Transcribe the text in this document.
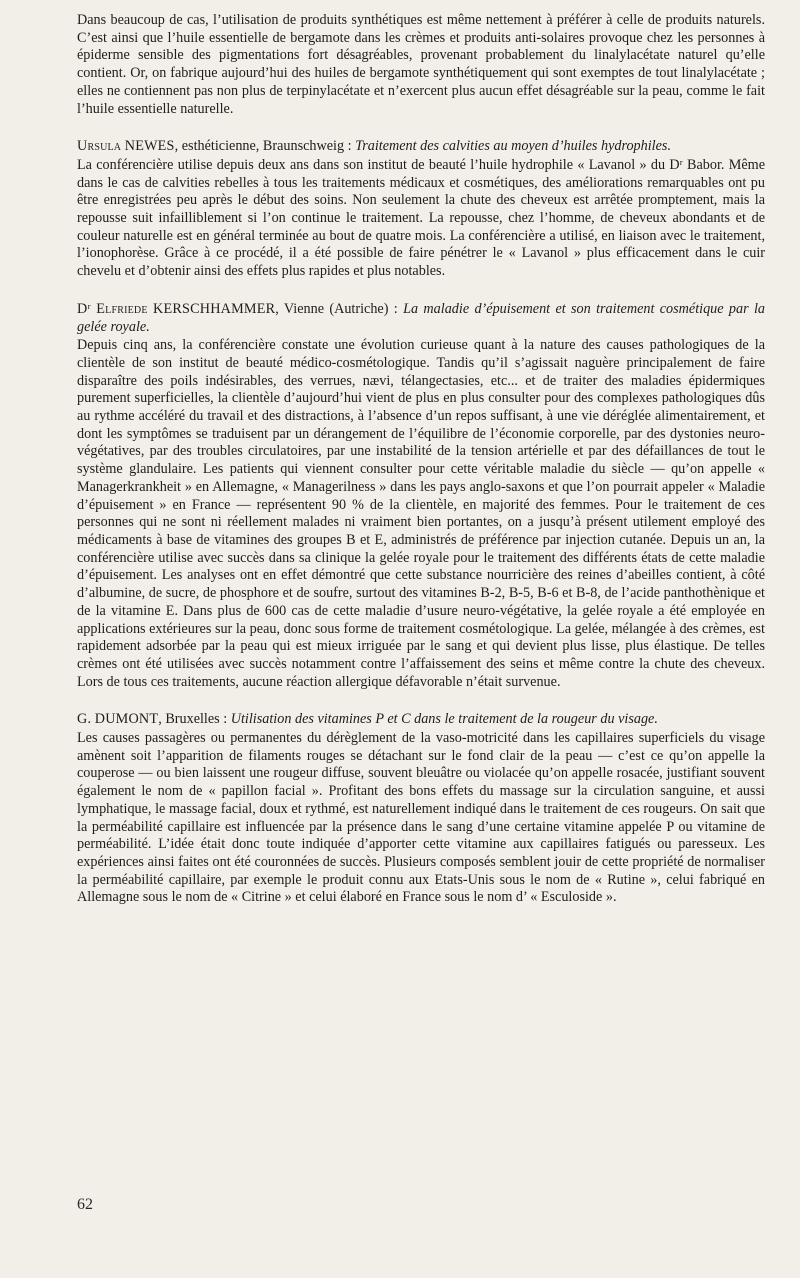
Dans beaucoup de cas, l’utilisation de produits synthétiques est même nettement à préférer à celle de produits naturels. C’est ainsi que l’huile essentielle de bergamote dans les crèmes et produits anti-solaires provoque chez les personnes à épiderme sensible des pigmentations fort désagréables, provenant probablement du linalylacétate naturel qu’elle contient. Or, on fabrique aujourd’hui des huiles de bergamote synthétiquement qui sont exemptes de tout linalylacétate ; elles ne contiennent pas non plus de terpinylacétate et n’exercent plus aucun effet désagréable sur la peau, comme le fait l’huile essentielle naturelle.

Ursula NEWES, esthéticienne, Braunschweig : Traitement des calvities au moyen d’huiles hydrophiles.

La conférencière utilise depuis deux ans dans son institut de beauté l’huile hydrophile « Lavanol » du Dʳ Babor. Même dans le cas de calvities rebelles à tous les traitements médicaux et cosmétiques, des améliorations remarquables ont pu être enregistrées peu après le début des soins. Non seulement la chute des cheveux est arrêtée promptement, mais la repousse suit infailliblement si l’on continue le traitement. La repousse, chez l’homme, de cheveux abondants et de couleur naturelle est en général terminée au bout de quatre mois. La conférencière a utilisé, en liaison avec le traitement, l’ionophorèse. Grâce à ce procédé, il a été possible de faire pénétrer le « Lavanol » plus efficacement dans le cuir chevelu et d’obtenir ainsi des effets plus rapides et plus notables.

Dʳ Elfriede KERSCHHAMMER, Vienne (Autriche) : La maladie d’épuisement et son traitement cosmétique par la gelée royale.

Depuis cinq ans, la conférencière constate une évolution curieuse quant à la nature des causes pathologiques de la clientèle de son institut de beauté médico-cosmétologique. Tandis qu’il s’agissait naguère principalement de faire disparaître des poils indésirables, des verrues, nævi, télangectasies, etc... et de traiter des maladies épidermiques purement superficielles, la clientèle d’aujourd’hui vient de plus en plus consulter pour des complexes pathologiques dûs au rythme accéléré du travail et des distractions, à l’absence d’un repos suffisant, à une vie déréglée alimentairement, et dont les symptômes se traduisent par un dérangement de l’équilibre de l’économie corporelle, par des dystonies neuro-végétatives, par des troubles circulatoires, par une instabilité de la tension artérielle et par des défaillances de tout le système glandulaire. Les patients qui viennent consulter pour cette véritable maladie du siècle — qu’on appelle « Managerkrankheit » en Allemagne, « Managerilness » dans les pays anglo-saxons et que l’on pourrait appeler « Maladie d’épuisement » en France — représentent 90 % de la clientèle, en majorité des femmes. Pour le traitement de ces personnes qui ne sont ni réellement malades ni vraiment bien portantes, on a jusqu’à présent utilement employé des médicaments à base de vitamines des groupes B et E, administrés de préférence par injection cutanée. Depuis un an, la conférencière utilise avec succès dans sa clinique la gelée royale pour le traitement des différents états de cette maladie d’épuisement. Les analyses ont en effet démontré que cette substance nourricière des reines d’abeilles contient, à côté d’albumine, de sucre, de phosphore et de soufre, surtout des vitamines B-2, B-5, B-6 et B-8, de l’acide panthothènique et de la vitamine E. Dans plus de 600 cas de cette maladie d’usure neuro-végétative, la gelée royale a été employée en applications extérieures sur la peau, donc sous forme de traitement cosmétologique. La gelée, mélangée à des crèmes, est rapidement adsorbée par la peau qui est mieux irriguée par le sang et qui devient plus lisse, plus élastique. De telles crèmes ont été utilisées avec succès notamment contre l’affaissement des seins et même contre la chute des cheveux. Lors de tous ces traitements, aucune réaction allergique défavorable n’était survenue.

G. DUMONT, Bruxelles : Utilisation des vitamines P et C dans le traitement de la rougeur du visage.

Les causes passagères ou permanentes du dérèglement de la vaso-motricité dans les capillaires superficiels du visage amènent soit l’apparition de filaments rouges se détachant sur le fond clair de la peau — c’est ce qu’on appelle la couperose — ou bien laissent une rougeur diffuse, souvent bleuâtre ou violacée qu’on appelle rosacée, justifiant souvent également le nom de « papillon facial ». Profitant des bons effets du massage sur la circulation sanguine, et aussi lymphatique, le massage facial, doux et rythmé, est naturellement indiqué dans le traitement de ces rougeurs. On sait que la perméabilité capillaire est influencée par la présence dans le sang d’une certaine vitamine appelée P ou vitamine de perméabilité. L’idée était donc toute indiquée d’apporter cette vitamine aux capillaires fatigués ou paresseux. Les expériences ainsi faites ont été couronnées de succès. Plusieurs composés semblent jouir de cette propriété de normaliser la perméabilité capillaire, par exemple le produit connu aux Etats-Unis sous le nom de « Rutine », celui fabriqué en Allemagne sous le nom de « Citrine » et celui élaboré en France sous le nom d’ « Esculoside ».

62
